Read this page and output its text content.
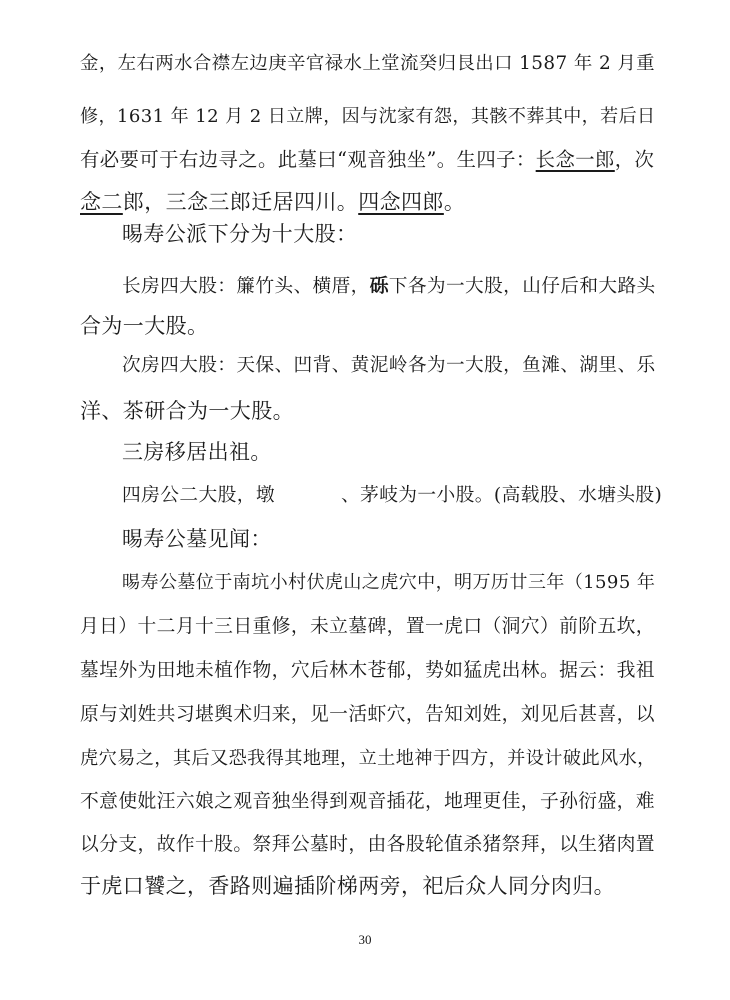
金，左右两水合襟左边庚辛官禄水上堂流癸归艮出口 1587 年 2 月重
修，1631 年 12 月 2 日立牌，因与沈家有怨，其骸不葬其中，若后日
有必要可于右边寻之。此墓曰“观音独坐”。生四子：长念一郎，次
念二郎，三念三郎迁居四川。四念四郎。
晹寿公派下分为十大股：
长房四大股：簾竹头、横厝，砾下各为一大股，山仔后和大路头
合为一大股。
次房四大股：天保、凹背、黄泥岭各为一大股，鱼滩、湖里、乐
洋、茶研合为一大股。
三房移居出祖。
四房公二大股，墩	、茅岐为一小股。(高载股、水塘头股)
晹寿公墓见闻：
晹寿公墓位于南坑小村伏虎山之虎穴中，明万历廿三年（1595 年
月日）十二月十三日重修，未立墓碑，置一虎口（洞穴）前阶五坎，
墓埕外为田地未植作物，穴后林木苍郁，势如猛虎出林。据云：我祖
原与刘姓共习堪舆术归来，见一活虾穴，告知刘姓，刘见后甚喜，以
虎穴易之，其后又恐我得其地理，立土地神于四方，并设计破此风水，
不意使妣汪六娘之观音独坐得到观音插花，地理更佳，子孙衍盛，难
以分支，故作十股。祭拜公墓时，由各股轮值杀猪祭拜，以生猪肉置
于虎口饕之，香路则遍插阶梯两旁，祀后众人同分肉归。
30
